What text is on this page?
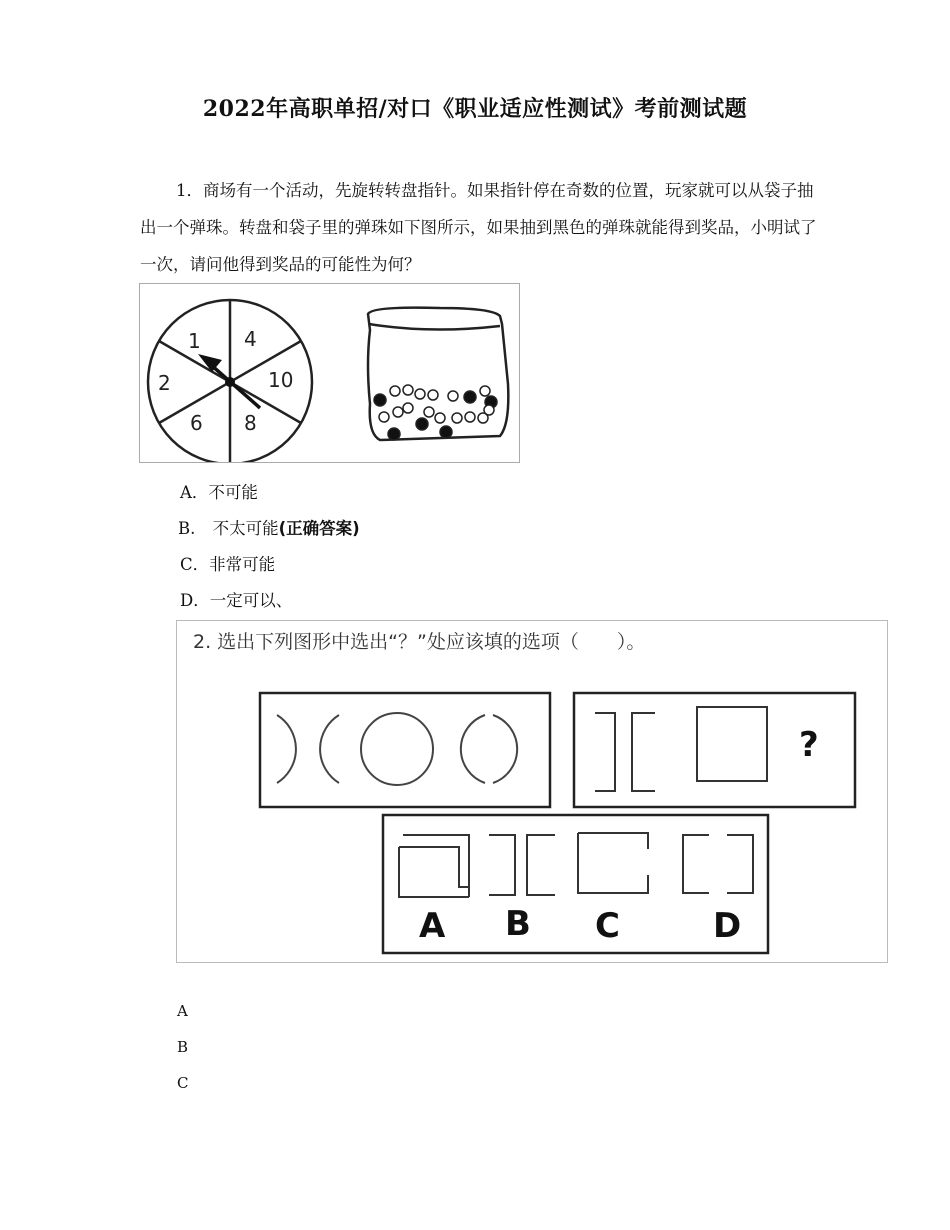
2022年高职单招/对口《职业适应性测试》考前测试题
1．商场有一个活动，先旋转转盘指针。如果指针停在奇数的位置，玩家就可以从袋子抽出一个弹珠。转盘和袋子里的弹珠如下图所示，如果抽到黑色的弹珠就能得到奖品，小明试了一次，请问他得到奖品的可能性为何？
1 4
10
8
6
2
A．不可能
B. 不太可能(正确答案)
C．非常可能
D．一定可以、
2. 选出下列图形中选出“？”处应该填的选项（　　）。
?
A B C	D
A
B
C
